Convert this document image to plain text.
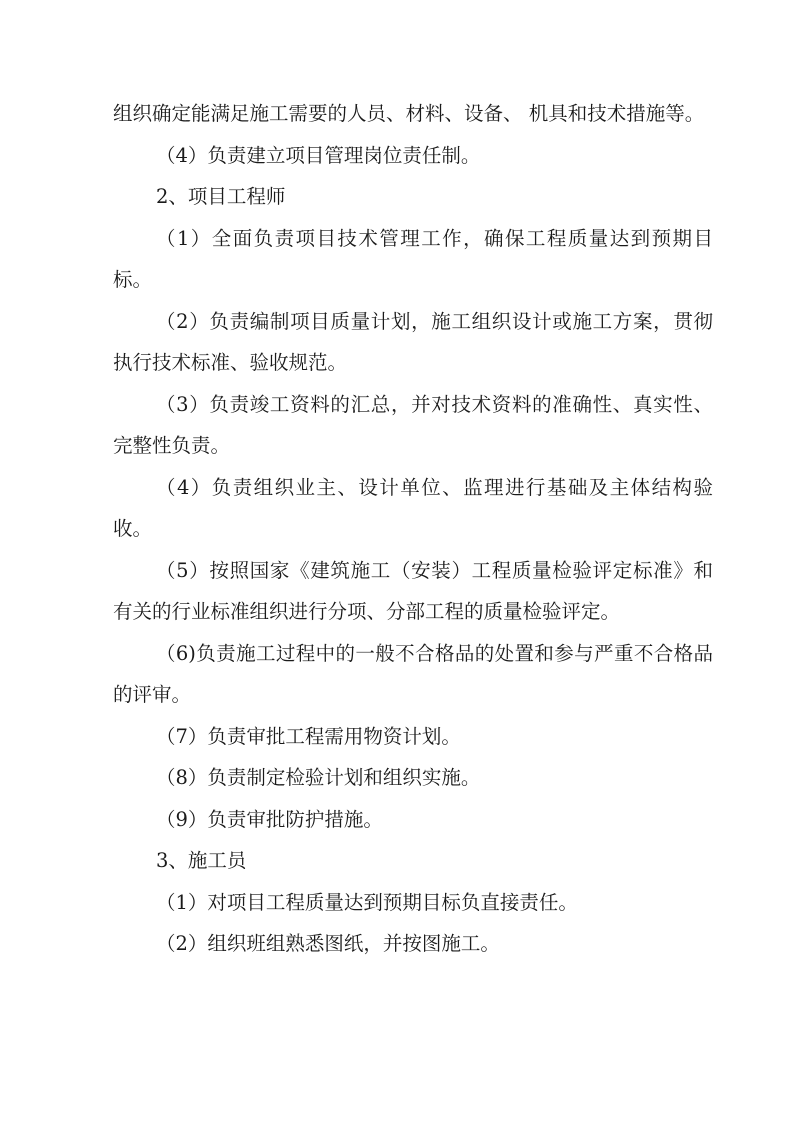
组织确定能满足施工需要的人员、材料、设备、 机具和技术措施等。

（4）负责建立项目管理岗位责任制。

2、项目工程师

（1）全面负责项目技术管理工作，确保工程质量达到预期目标。

（2）负责编制项目质量计划，施工组织设计或施工方案，贯彻执行技术标准、验收规范。

（3）负责竣工资料的汇总，并对技术资料的准确性、真实性、完整性负责。

（4）负责组织业主、设计单位、监理进行基础及主体结构验收。

（5）按照国家《建筑施工（安装）工程质量检验评定标准》和有关的行业标准组织进行分项、分部工程的质量检验评定。

（6)负责施工过程中的一般不合格品的处置和参与严重不合格品的评审。

（7）负责审批工程需用物资计划。

（8）负责制定检验计划和组织实施。

（9）负责审批防护措施。

3、施工员

（1）对项目工程质量达到预期目标负直接责任。

（2）组织班组熟悉图纸，并按图施工。
